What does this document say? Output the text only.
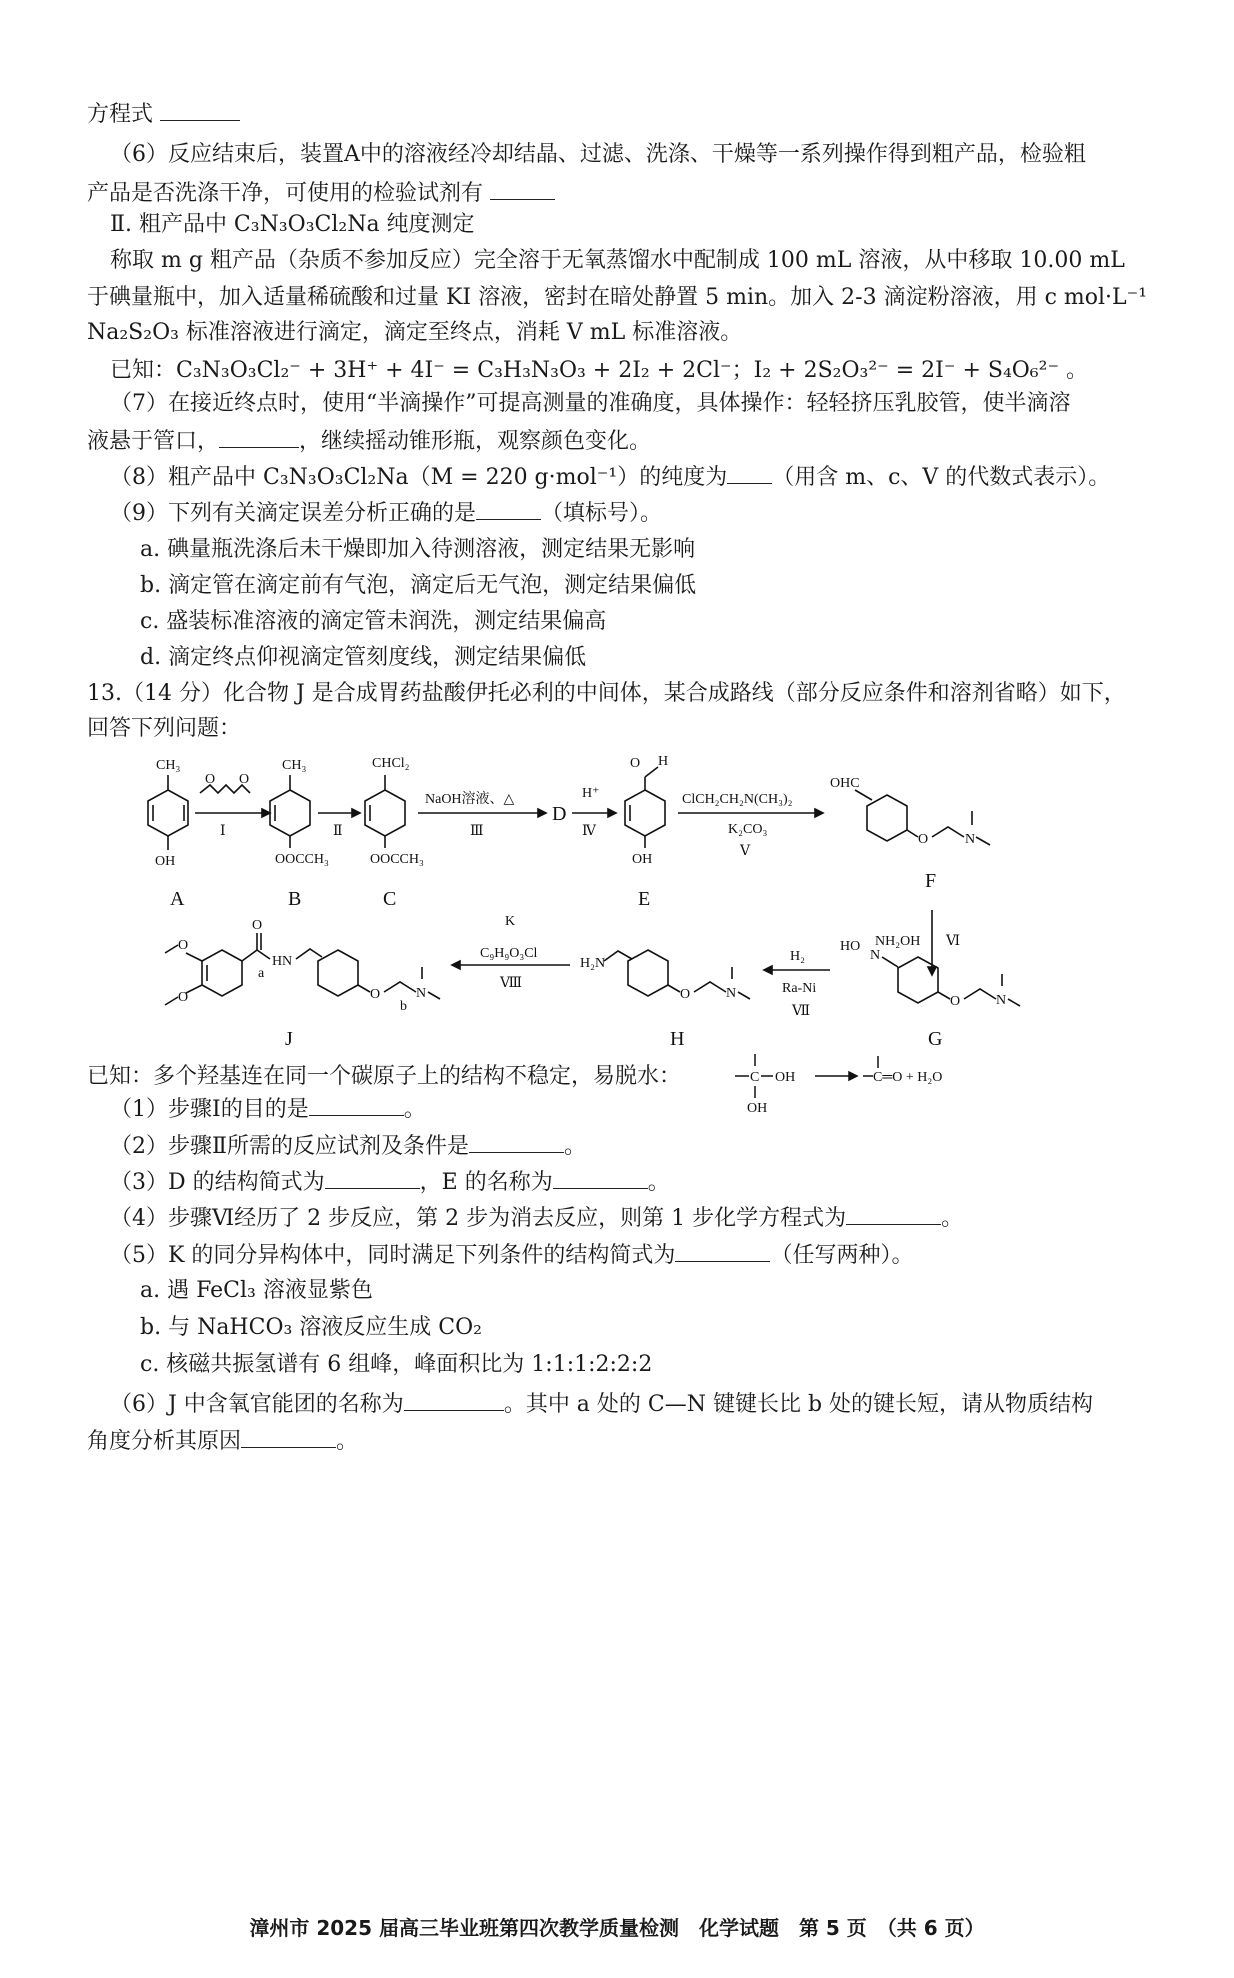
方程式
（6）反应结束后，装置A中的溶液经冷却结晶、过滤、洗涤、干燥等一系列操作得到粗产品，检验粗
产品是否洗涤干净，可使用的检验试剂有
Ⅱ. 粗产品中 C₃N₃O₃Cl₂Na 纯度测定
称取 m g 粗产品（杂质不参加反应）完全溶于无氧蒸馏水中配制成 100 mL 溶液，从中移取 10.00 mL
于碘量瓶中，加入适量稀硫酸和过量 KI 溶液，密封在暗处静置 5 min。加入 2-3 滴淀粉溶液，用 c mol·L⁻¹
Na₂S₂O₃ 标准溶液进行滴定，滴定至终点，消耗 V mL 标准溶液。
已知：C₃N₃O₃Cl₂⁻ + 3H⁺ + 4I⁻ = C₃H₃N₃O₃ + 2I₂ + 2Cl⁻；I₂ + 2S₂O₃²⁻ = 2I⁻ + S₄O₆²⁻ 。
（7）在接近终点时，使用“半滴操作”可提高测量的准确度，具体操作：轻轻挤压乳胶管，使半滴溶
液悬于管口，	，继续摇动锥形瓶，观察颜色变化。
（8）粗产品中 C₃N₃O₃Cl₂Na（M = 220 g·mol⁻¹）的纯度为 （用含 m、c、V 的代数式表示）。
（9）下列有关滴定误差分析正确的是	（填标号）。
a. 碘量瓶洗涤后未干燥即加入待测溶液，测定结果无影响
b. 滴定管在滴定前有气泡，滴定后无气泡，测定结果偏低
c. 盛装标准溶液的滴定管未润洗，测定结果偏高
d. 滴定终点仰视滴定管刻度线，测定结果偏低
13.（14 分）化合物 J 是合成胃药盐酸伊托必利的中间体，某合成路线（部分反应条件和溶剂省略）如下，
回答下列问题：
CH₃
OH
A
Ⅰ
O O
CH₃
OOCCH₃
B
Ⅱ
CHCl₂
OOCCH₃
C
NaOH溶液、△
Ⅲ
D
H⁺
Ⅳ
O H
OH
E
ClCH₂CH₂N(CH₃)₂
K₂CO₃
Ⅴ
OHC
O	N
F
NH₂OH Ⅵ
O
O
O
a
H N
O	N
b
J
K
C₉H₉O₃Cl
Ⅷ
H₂N
O	N
H
H₂
Ra-Ni
Ⅶ
HO
N
O	N
G
已知：多个羟基连在同一个碳原子上的结构不稳定，易脱水：	C OH
OH
C═O + H₂O
（1）步骤Ⅰ的目的是	。
（2）步骤Ⅱ所需的反应试剂及条件是	。
（3）D 的结构简式为	，E 的名称为	。
（4）步骤Ⅵ经历了 2 步反应，第 2 步为消去反应，则第 1 步化学方程式为	。
（5）K 的同分异构体中，同时满足下列条件的结构简式为	（任写两种）。
a. 遇 FeCl₃ 溶液显紫色
b. 与 NaHCO₃ 溶液反应生成 CO₂
c. 核磁共振氢谱有 6 组峰，峰面积比为 1:1:1:2:2:2
（6）J 中含氧官能团的名称为	。其中 a 处的 C—N 键键长比 b 处的键长短，请从物质结构
角度分析其原因	。
漳州市 2025 届高三毕业班第四次教学质量检测　化学试题　第 5 页　（共 6 页）
